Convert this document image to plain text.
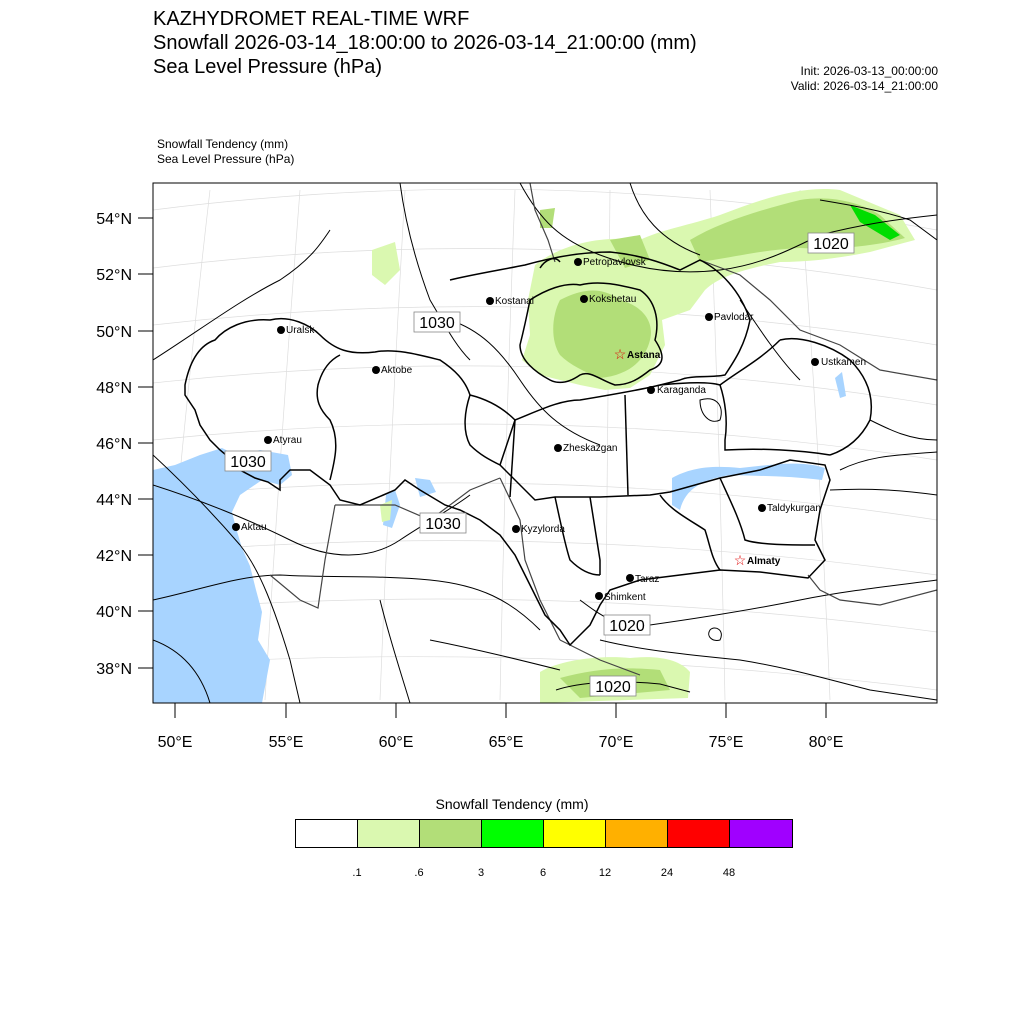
KAZHYDROMET REAL-TIME WRF
Snowfall 2026-03-14_18:00:00 to 2026-03-14_21:00:00 (mm)
Sea Level Pressure (hPa)	Init: 2026-03-13_00:00:00
Valid: 2026-03-14_21:00:00
Snowfall Tendency (mm)
Sea Level Pressure (hPa)
54°N
52°N
50°N
48°N
46°N
44°N
42°N
40°N
38°N
50°E	55°E	60°E	65°E	70°E	75°E	80°E
1020
1030
1030
1030
1020
1020
Petropavlovsk
Kostanai	Kokshetau
Pavlodar
Uralsk
☆ Astana
Ustkamen
Aktobe
Karaganda
Atyrau
Zheskazgan
Aktau	Kyzylorda
Taldykurgan
☆ Almaty
Taraz
Shimkent
Snowfall Tendency (mm)
.1	.6	3	6	12	24	48
